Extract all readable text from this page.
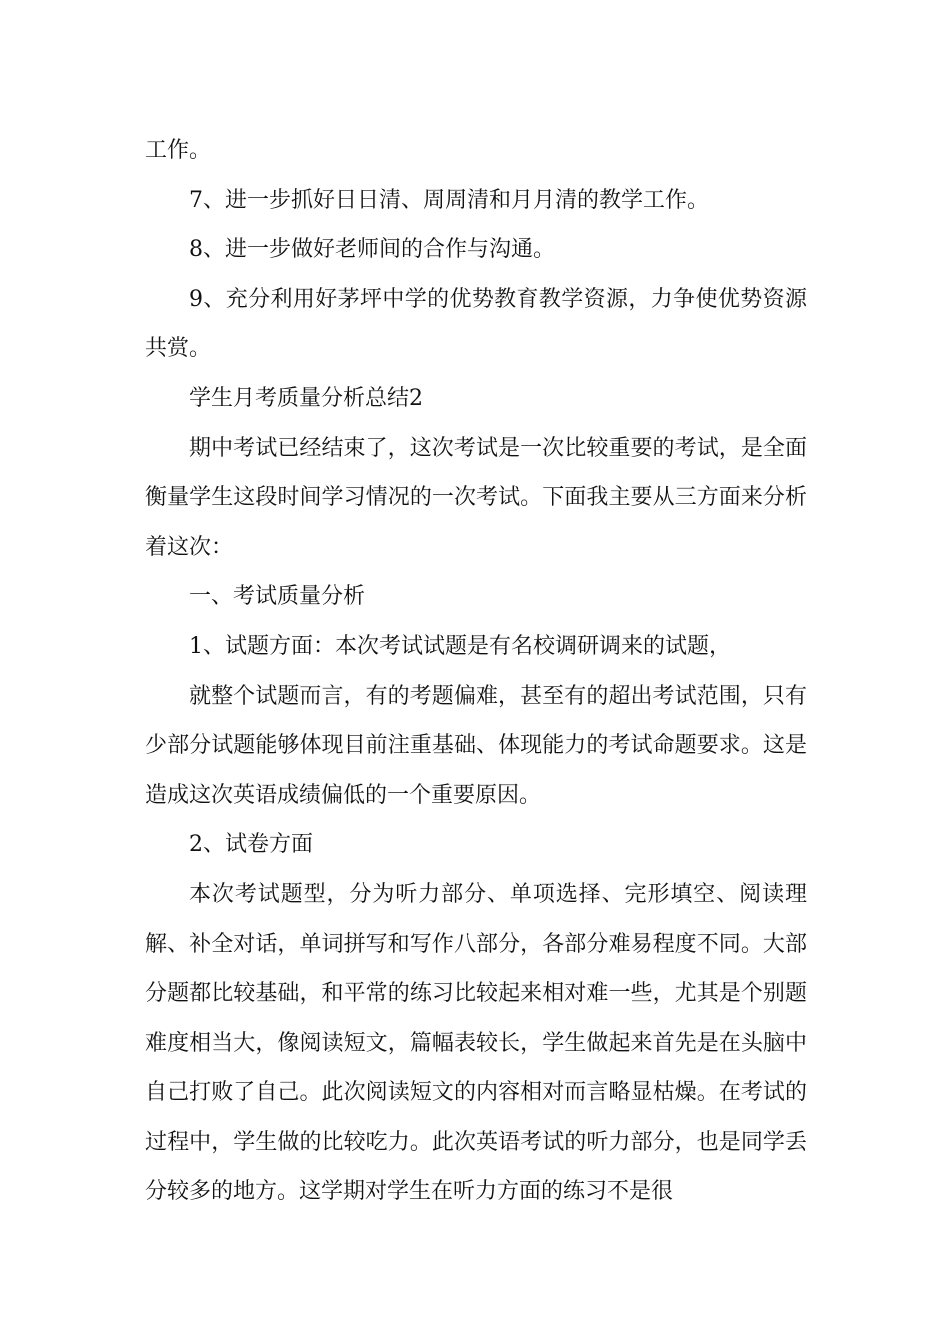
工作。

7、进一步抓好日日清、周周清和月月清的教学工作。

8、进一步做好老师间的合作与沟通。

9、充分利用好茅坪中学的优势教育教学资源，力争使优势资源共赏。

学生月考质量分析总结2

期中考试已经结束了，这次考试是一次比较重要的考试，是全面衡量学生这段时间学习情况的一次考试。下面我主要从三方面来分析着这次：

一、考试质量分析

1、试题方面：本次考试试题是有名校调研调来的试题，

就整个试题而言，有的考题偏难，甚至有的超出考试范围，只有少部分试题能够体现目前注重基础、体现能力的考试命题要求。这是造成这次英语成绩偏低的一个重要原因。

2、试卷方面

本次考试题型，分为听力部分、单项选择、完形填空、阅读理解、补全对话，单词拼写和写作八部分，各部分难易程度不同。大部分题都比较基础，和平常的练习比较起来相对难一些，尤其是个别题难度相当大，像阅读短文，篇幅表较长，学生做起来首先是在头脑中自己打败了自己。此次阅读短文的内容相对而言略显枯燥。在考试的过程中，学生做的比较吃力。此次英语考试的听力部分，也是同学丢分较多的地方。这学期对学生在听力方面的练习不是很
